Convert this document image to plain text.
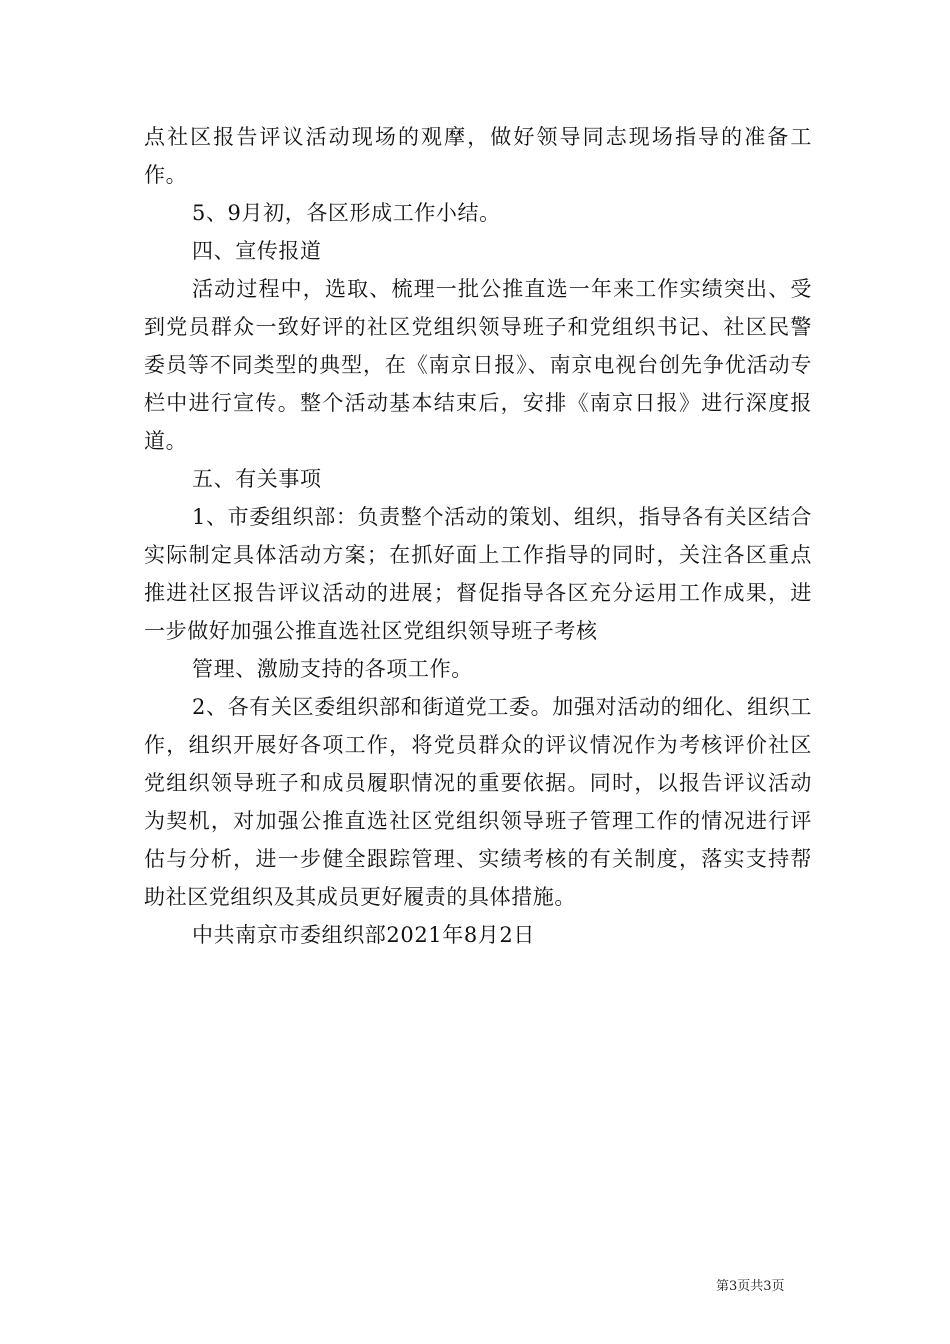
点社区报告评议活动现场的观摩，做好领导同志现场指导的准备工作。

5、9月初，各区形成工作小结。

四、宣传报道

活动过程中，选取、梳理一批公推直选一年来工作实绩突出、受到党员群众一致好评的社区党组织领导班子和党组织书记、社区民警委员等不同类型的典型，在《南京日报》、南京电视台创先争优活动专栏中进行宣传。整个活动基本结束后，安排《南京日报》进行深度报道。

五、有关事项

1、市委组织部：负责整个活动的策划、组织，指导各有关区结合实际制定具体活动方案；在抓好面上工作指导的同时，关注各区重点推进社区报告评议活动的进展；督促指导各区充分运用工作成果，进一步做好加强公推直选社区党组织领导班子考核

管理、激励支持的各项工作。

2、各有关区委组织部和街道党工委。加强对活动的细化、组织工作，组织开展好各项工作，将党员群众的评议情况作为考核评价社区党组织领导班子和成员履职情况的重要依据。同时，以报告评议活动为契机，对加强公推直选社区党组织领导班子管理工作的情况进行评估与分析，进一步健全跟踪管理、实绩考核的有关制度，落实支持帮助社区党组织及其成员更好履责的具体措施。

中共南京市委组织部2021年8月2日

第3页共3页
